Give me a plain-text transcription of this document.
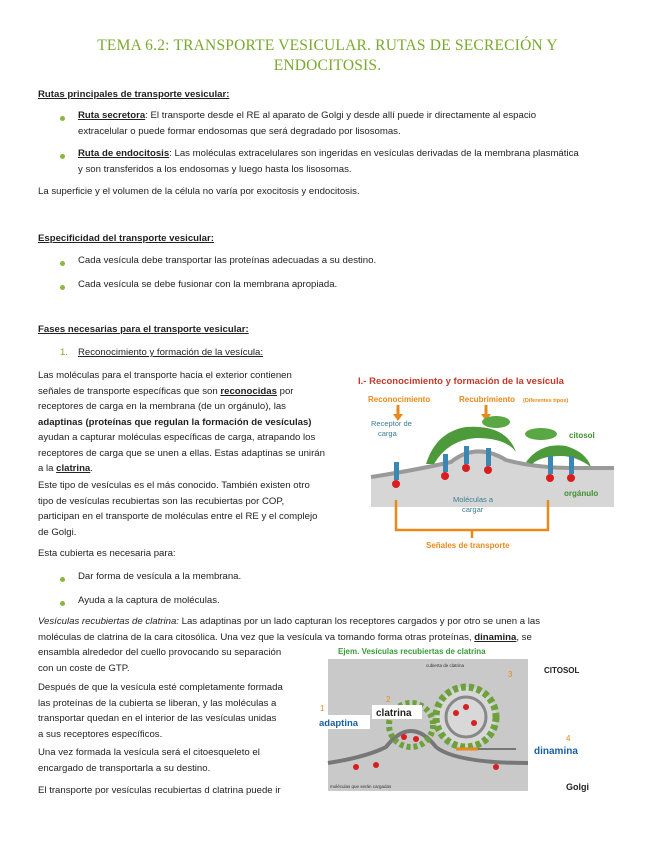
TEMA 6.2: TRANSPORTE VESICULAR. RUTAS DE SECRECIÓN Y
ENDOCITOSIS.
Rutas principales de transporte vesicular:
Ruta secretora: El transporte desde el RE al aparato de Golgi y desde allí puede ir directamente al espacio
extracelular o puede formar endosomas que será degradado por lisosomas.
Ruta de endocitosis: Las moléculas extracelulares son ingeridas en vesículas derivadas de la membrana plasmática
y son transferidos a los endosomas y luego hasta los lisosomas.
La superficie y el volumen de la célula no varía por exocitosis y endocitosis.
Especificidad del transporte vesicular:
Cada vesícula debe transportar las proteínas adecuadas a su destino.
Cada vesícula se debe fusionar con la membrana apropiada.
Fases necesarias para el transporte vesicular:
1. Reconocimiento y formación de la vesícula:
Las moléculas para el transporte hacia el exterior contienen
señales de transporte específicas que son reconocidas por
receptores de carga en la membrana (de un orgánulo), las
adaptinas (proteínas que regulan la formación de vesículas)
ayudan a capturar moléculas específicas de carga, atrapando los
receptores de carga que se unen a ellas. Estas adaptinas se unirán
a la clatrina.
Este tipo de vesículas es el más conocido. También existen otro
tipo de vesículas recubiertas son las recubiertas por COP,
participan en el transporte de moléculas entre el RE y el complejo
de Golgi.
Esta cubierta es necesaria para:
Dar forma de vesícula a la membrana.
Ayuda a la captura de moléculas.
Vesículas recubiertas de clatrina: Las adaptinas por un lado capturan los receptores cargados y por otro se unen a las
moléculas de clatrina de la cara citosólica. Una vez que la vesícula va tomando forma otras proteínas, dinamina, se
ensambla alrededor del cuello provocando su separación
con un coste de GTP.
Después de que la vesícula esté completamente formada
las proteínas de la cubierta se liberan, y las moléculas a
transportar quedan en el interior de las vesículas unidas
a sus receptores específicos.
Una vez formada la vesícula será el citoesqueleto el
encargado de transportarla a su destino.
El transporte por vesículas recubiertas d clatrina puede ir
I.- Reconocimiento y formación de la vesícula
Reconocimiento	Recubrimiento (Diferentes tipos)
Receptor de
carga	citosol
orgánulo
Moléculas a
cargar
Señales de transporte
Ejem. Vesículas recubiertas de clatrina
CITOSOL
cubierta de clatrina
1
adaptina
2
clatrina
3
4
dinamina
Golgi
moléculas que serán cargadas
